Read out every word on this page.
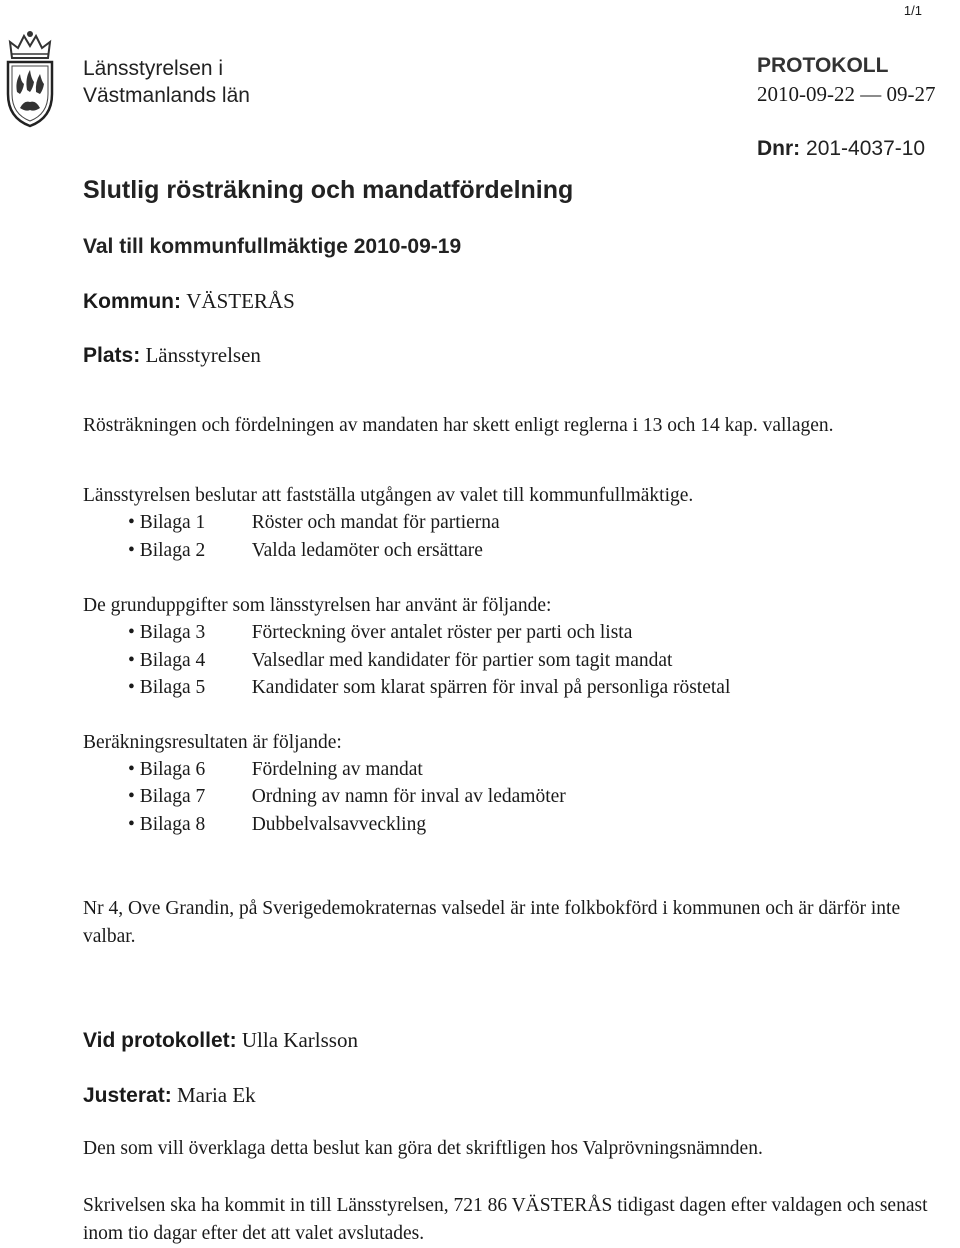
1/1
Länsstyrelsen i
Västmanlands län
PROTOKOLL
2010-09-22 — 09-27
Dnr: 201-4037-10
Slutlig rösträkning och mandatfördelning
Val till kommunfullmäktige 2010-09-19
Kommun: VÄSTERÅS
Plats: Länsstyrelsen
Rösträkningen och fördelningen av mandaten har skett enligt reglerna i 13 och 14 kap. vallagen.
Länsstyrelsen beslutar att fastställa utgången av valet till kommunfullmäktige.
• Bilaga 1 Röster och mandat för partierna
• Bilaga 2 Valda ledamöter och ersättare
De grunduppgifter som länsstyrelsen har använt är följande:
• Bilaga 3 Förteckning över antalet röster per parti och lista
• Bilaga 4 Valsedlar med kandidater för partier som tagit mandat
• Bilaga 5 Kandidater som klarat spärren för inval på personliga röstetal
Beräkningsresultaten är följande:
• Bilaga 6 Fördelning av mandat
• Bilaga 7 Ordning av namn för inval av ledamöter
• Bilaga 8 Dubbelvalsavveckling
Nr 4, Ove Grandin, på Sverigedemokraternas valsedel är inte folkbokförd i kommunen och är därför inte valbar.
Vid protokollet: Ulla Karlsson
Justerat: Maria Ek
Den som vill överklaga detta beslut kan göra det skriftligen hos Valprövningsnämnden.
Skrivelsen ska ha kommit in till Länsstyrelsen, 721 86 VÄSTERÅS tidigast dagen efter valdagen och senast inom tio dagar efter det att valet avslutades.
